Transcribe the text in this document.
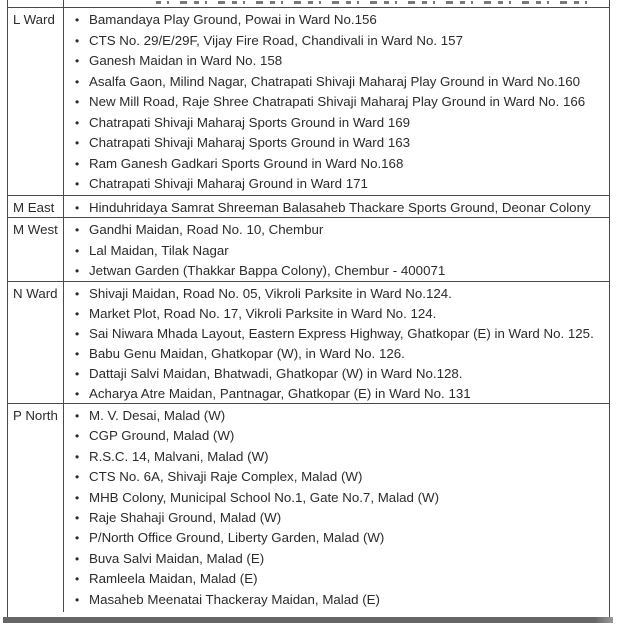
L Ward	• Bamandaya Play Ground, Powai in Ward No.156
• CTS No. 29/E/29F, Vijay Fire Road, Chandivali in Ward No. 157
• Ganesh Maidan in Ward No. 158
• Asalfa Gaon, Milind Nagar, Chatrapati Shivaji Maharaj Play Ground in Ward No.160
• New Mill Road, Raje Shree Chatrapati Shivaji Maharaj Play Ground in Ward No. 166
• Chatrapati Shivaji Maharaj Sports Ground in Ward 169
• Chatrapati Shivaji Maharaj Sports Ground in Ward 163
• Ram Ganesh Gadkari Sports Ground in Ward No.168
• Chatrapati Shivaji Maharaj Ground in Ward 171
M East	• Hinduhridaya Samrat Shreeman Balasaheb Thackare Sports Ground, Deonar Colony
M West	• Gandhi Maidan, Road No. 10, Chembur
• Lal Maidan, Tilak Nagar
• Jetwan Garden (Thakkar Bappa Colony), Chembur - 400071
N Ward	• Shivaji Maidan, Road No. 05, Vikroli Parksite in Ward No.124.
• Market Plot, Road No. 17, Vikroli Parksite in Ward No. 124.
• Sai Niwara Mhada Layout, Eastern Express Highway, Ghatkopar (E) in Ward No. 125.
• Babu Genu Maidan, Ghatkopar (W), in Ward No. 126.
• Dattaji Salvi Maidan, Bhatwadi, Ghatkopar (W) in Ward No.128.
• Acharya Atre Maidan, Pantnagar, Ghatkopar (E) in Ward No. 131
P North	• M. V. Desai, Malad (W)
• CGP Ground, Malad (W)
• R.S.C. 14, Malvani, Malad (W)
• CTS No. 6A, Shivaji Raje Complex, Malad (W)
• MHB Colony, Municipal School No.1, Gate No.7, Malad (W)
• Raje Shahaji Ground, Malad (W)
• P/North Office Ground, Liberty Garden, Malad (W)
• Buva Salvi Maidan, Malad (E)
• Ramleela Maidan, Malad (E)
• Masaheb Meenatai Thackeray Maidan, Malad (E)
